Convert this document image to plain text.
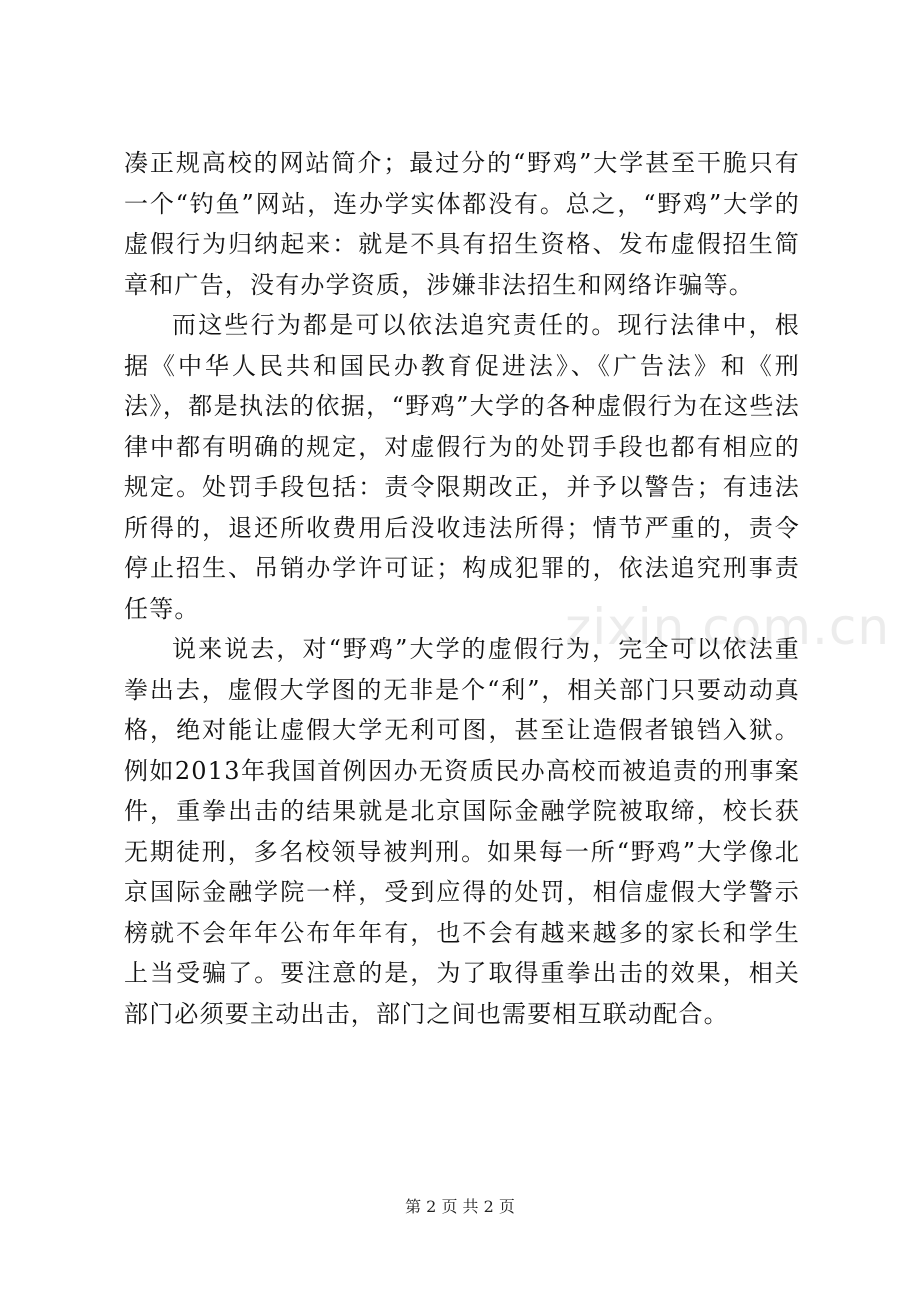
zixin.com.cn

凑正规高校的网站简介；最过分的“野鸡”大学甚至干脆只有一个“钓鱼”网站，连办学实体都没有。总之，“野鸡”大学的虚假行为归纳起来：就是不具有招生资格、发布虚假招生简章和广告，没有办学资质，涉嫌非法招生和网络诈骗等。

而这些行为都是可以依法追究责任的。现行法律中，根据《中华人民共和国民办教育促进法》、《广告法》和《刑法》，都是执法的依据，“野鸡”大学的各种虚假行为在这些法律中都有明确的规定，对虚假行为的处罚手段也都有相应的规定。处罚手段包括：责令限期改正，并予以警告；有违法所得的，退还所收费用后没收违法所得；情节严重的，责令停止招生、吊销办学许可证；构成犯罪的，依法追究刑事责任等。

说来说去，对“野鸡”大学的虚假行为，完全可以依法重拳出去，虚假大学图的无非是个“利”，相关部门只要动动真格，绝对能让虚假大学无利可图，甚至让造假者锒铛入狱。例如2013年我国首例因办无资质民办高校而被追责的刑事案件，重拳出击的结果就是北京国际金融学院被取缔，校长获无期徒刑，多名校领导被判刑。如果每一所“野鸡”大学像北京国际金融学院一样，受到应得的处罚，相信虚假大学警示榜就不会年年公布年年有，也不会有越来越多的家长和学生上当受骗了。要注意的是，为了取得重拳出击的效果，相关部门必须要主动出击，部门之间也需要相互联动配合。

第 2 页 共 2 页
